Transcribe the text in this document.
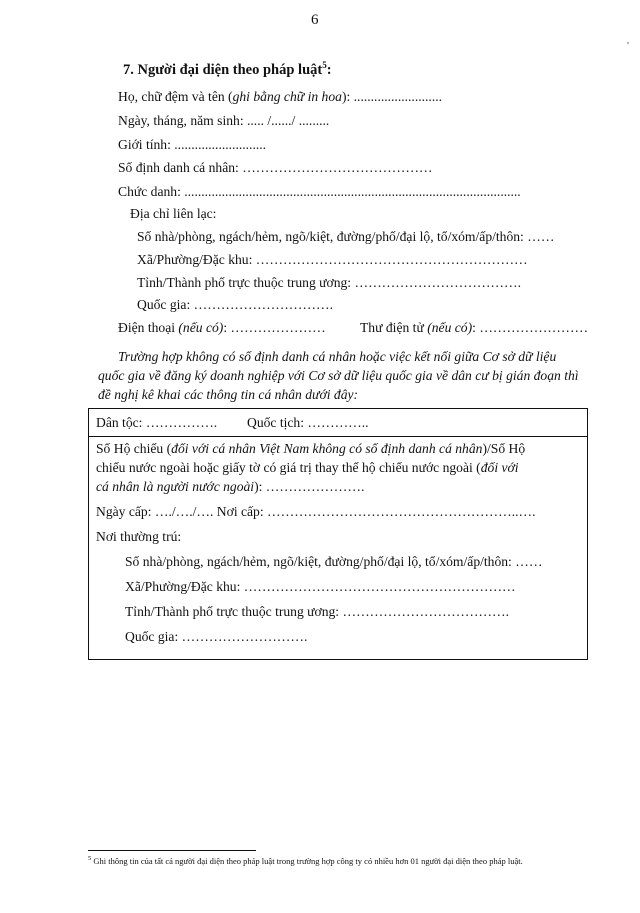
6
'
7. Người đại diện theo pháp luật$^5$:
Họ, chữ đệm và tên (ghi bằng chữ in hoa): ..........................
Ngày, tháng, năm sinh: ..... /....../ .........
Giới tính: ...........................
Số định danh cá nhân: ……………………………………
Chức danh: ...................................................................................................
Địa chỉ liên lạc:
Số nhà/phòng, ngách/hẻm, ngõ/kiệt, đường/phố/đại lộ, tổ/xóm/ấp/thôn: ……
Xã/Phường/Đặc khu: ……………………………………………………
Tỉnh/Thành phố trực thuộc trung ương: ……………………………….
Quốc gia: ………………………….
Điện thoại (nếu có): …………………	Thư điện tử (nếu có): ……………………
Trường hợp không có số định danh cá nhân hoặc việc kết nối giữa Cơ sở dữ liệu quốc gia về đăng ký doanh nghiệp với Cơ sở dữ liệu quốc gia về dân cư bị gián đoạn thì đề nghị kê khai các thông tin cá nhân dưới đây:
Dân tộc: ……………. Quốc tịch: …………..
Số Hộ chiếu (đối với cá nhân Việt Nam không có số định danh cá nhân)/Số Hộ
chiếu nước ngoài hoặc giấy tờ có giá trị thay thế hộ chiếu nước ngoài (đối với
cá nhân là người nước ngoài): ………………….
Ngày cấp: …./…./…. Nơi cấp: ………………………………………………..….
Nơi thường trú:
Số nhà/phòng, ngách/hẻm, ngõ/kiệt, đường/phố/đại lộ, tổ/xóm/ấp/thôn: ……
Xã/Phường/Đặc khu: ……………………………………………………
Tỉnh/Thành phố trực thuộc trung ương: ……………………………….
Quốc gia: ……………………….
$^5$ Ghi thông tin của tất cả người đại diện theo pháp luật trong trường hợp công ty có nhiều hơn 01 người đại diện theo pháp luật.
